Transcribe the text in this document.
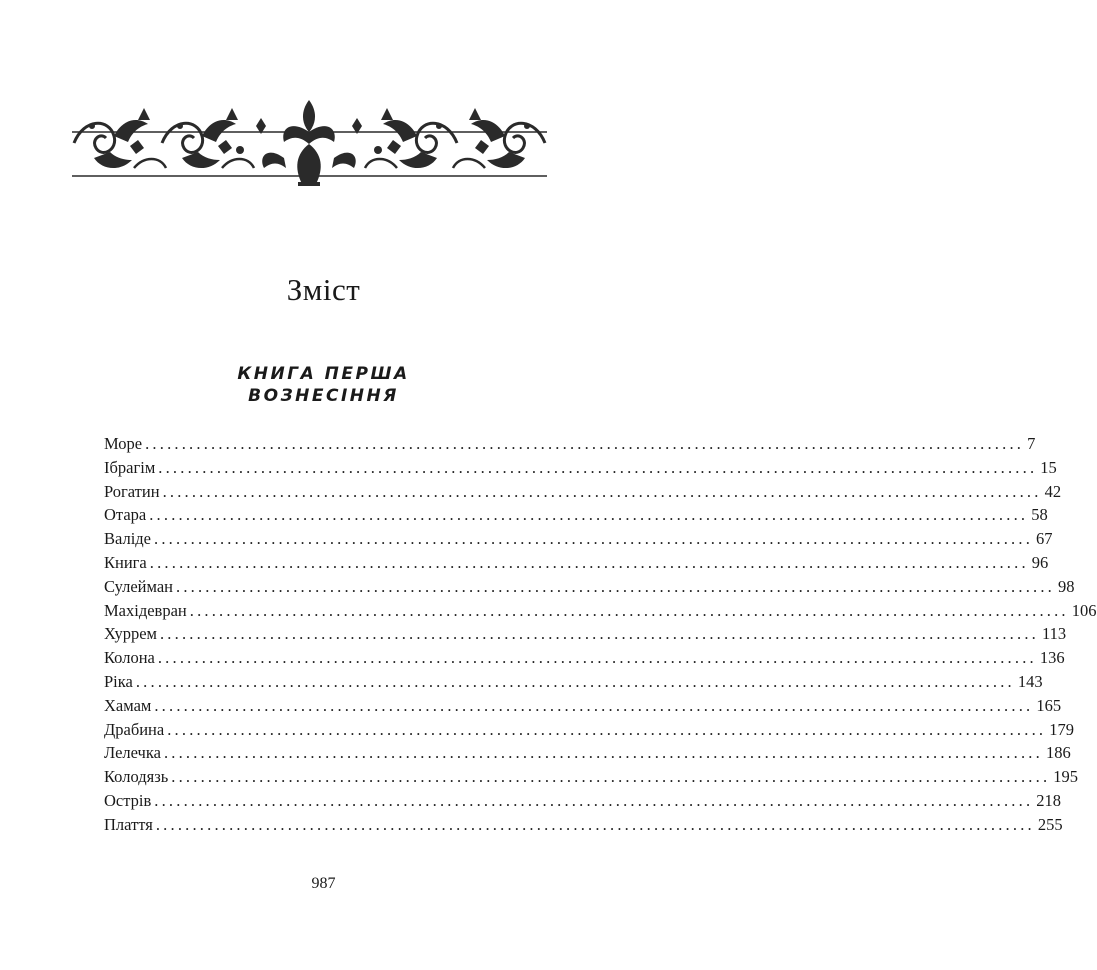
Зміст
КНИГА ПЕРША
ВОЗНЕСІННЯ
Море ........................................................................................................................ 7
Ібрагім ........................................................................................................................ 15
Рогатин ........................................................................................................................ 42
Отара ........................................................................................................................ 58
Валіде ........................................................................................................................ 67
Книга ........................................................................................................................ 96
Сулейман ........................................................................................................................ 98
Махідевран ........................................................................................................................ 106
Хуррем ........................................................................................................................ 113
Колона ........................................................................................................................ 136
Ріка ........................................................................................................................ 143
Хамам ........................................................................................................................ 165
Драбина ........................................................................................................................ 179
Лелечка ........................................................................................................................ 186
Колодязь ........................................................................................................................ 195
Острів ........................................................................................................................ 218
Плаття ........................................................................................................................ 255
987
